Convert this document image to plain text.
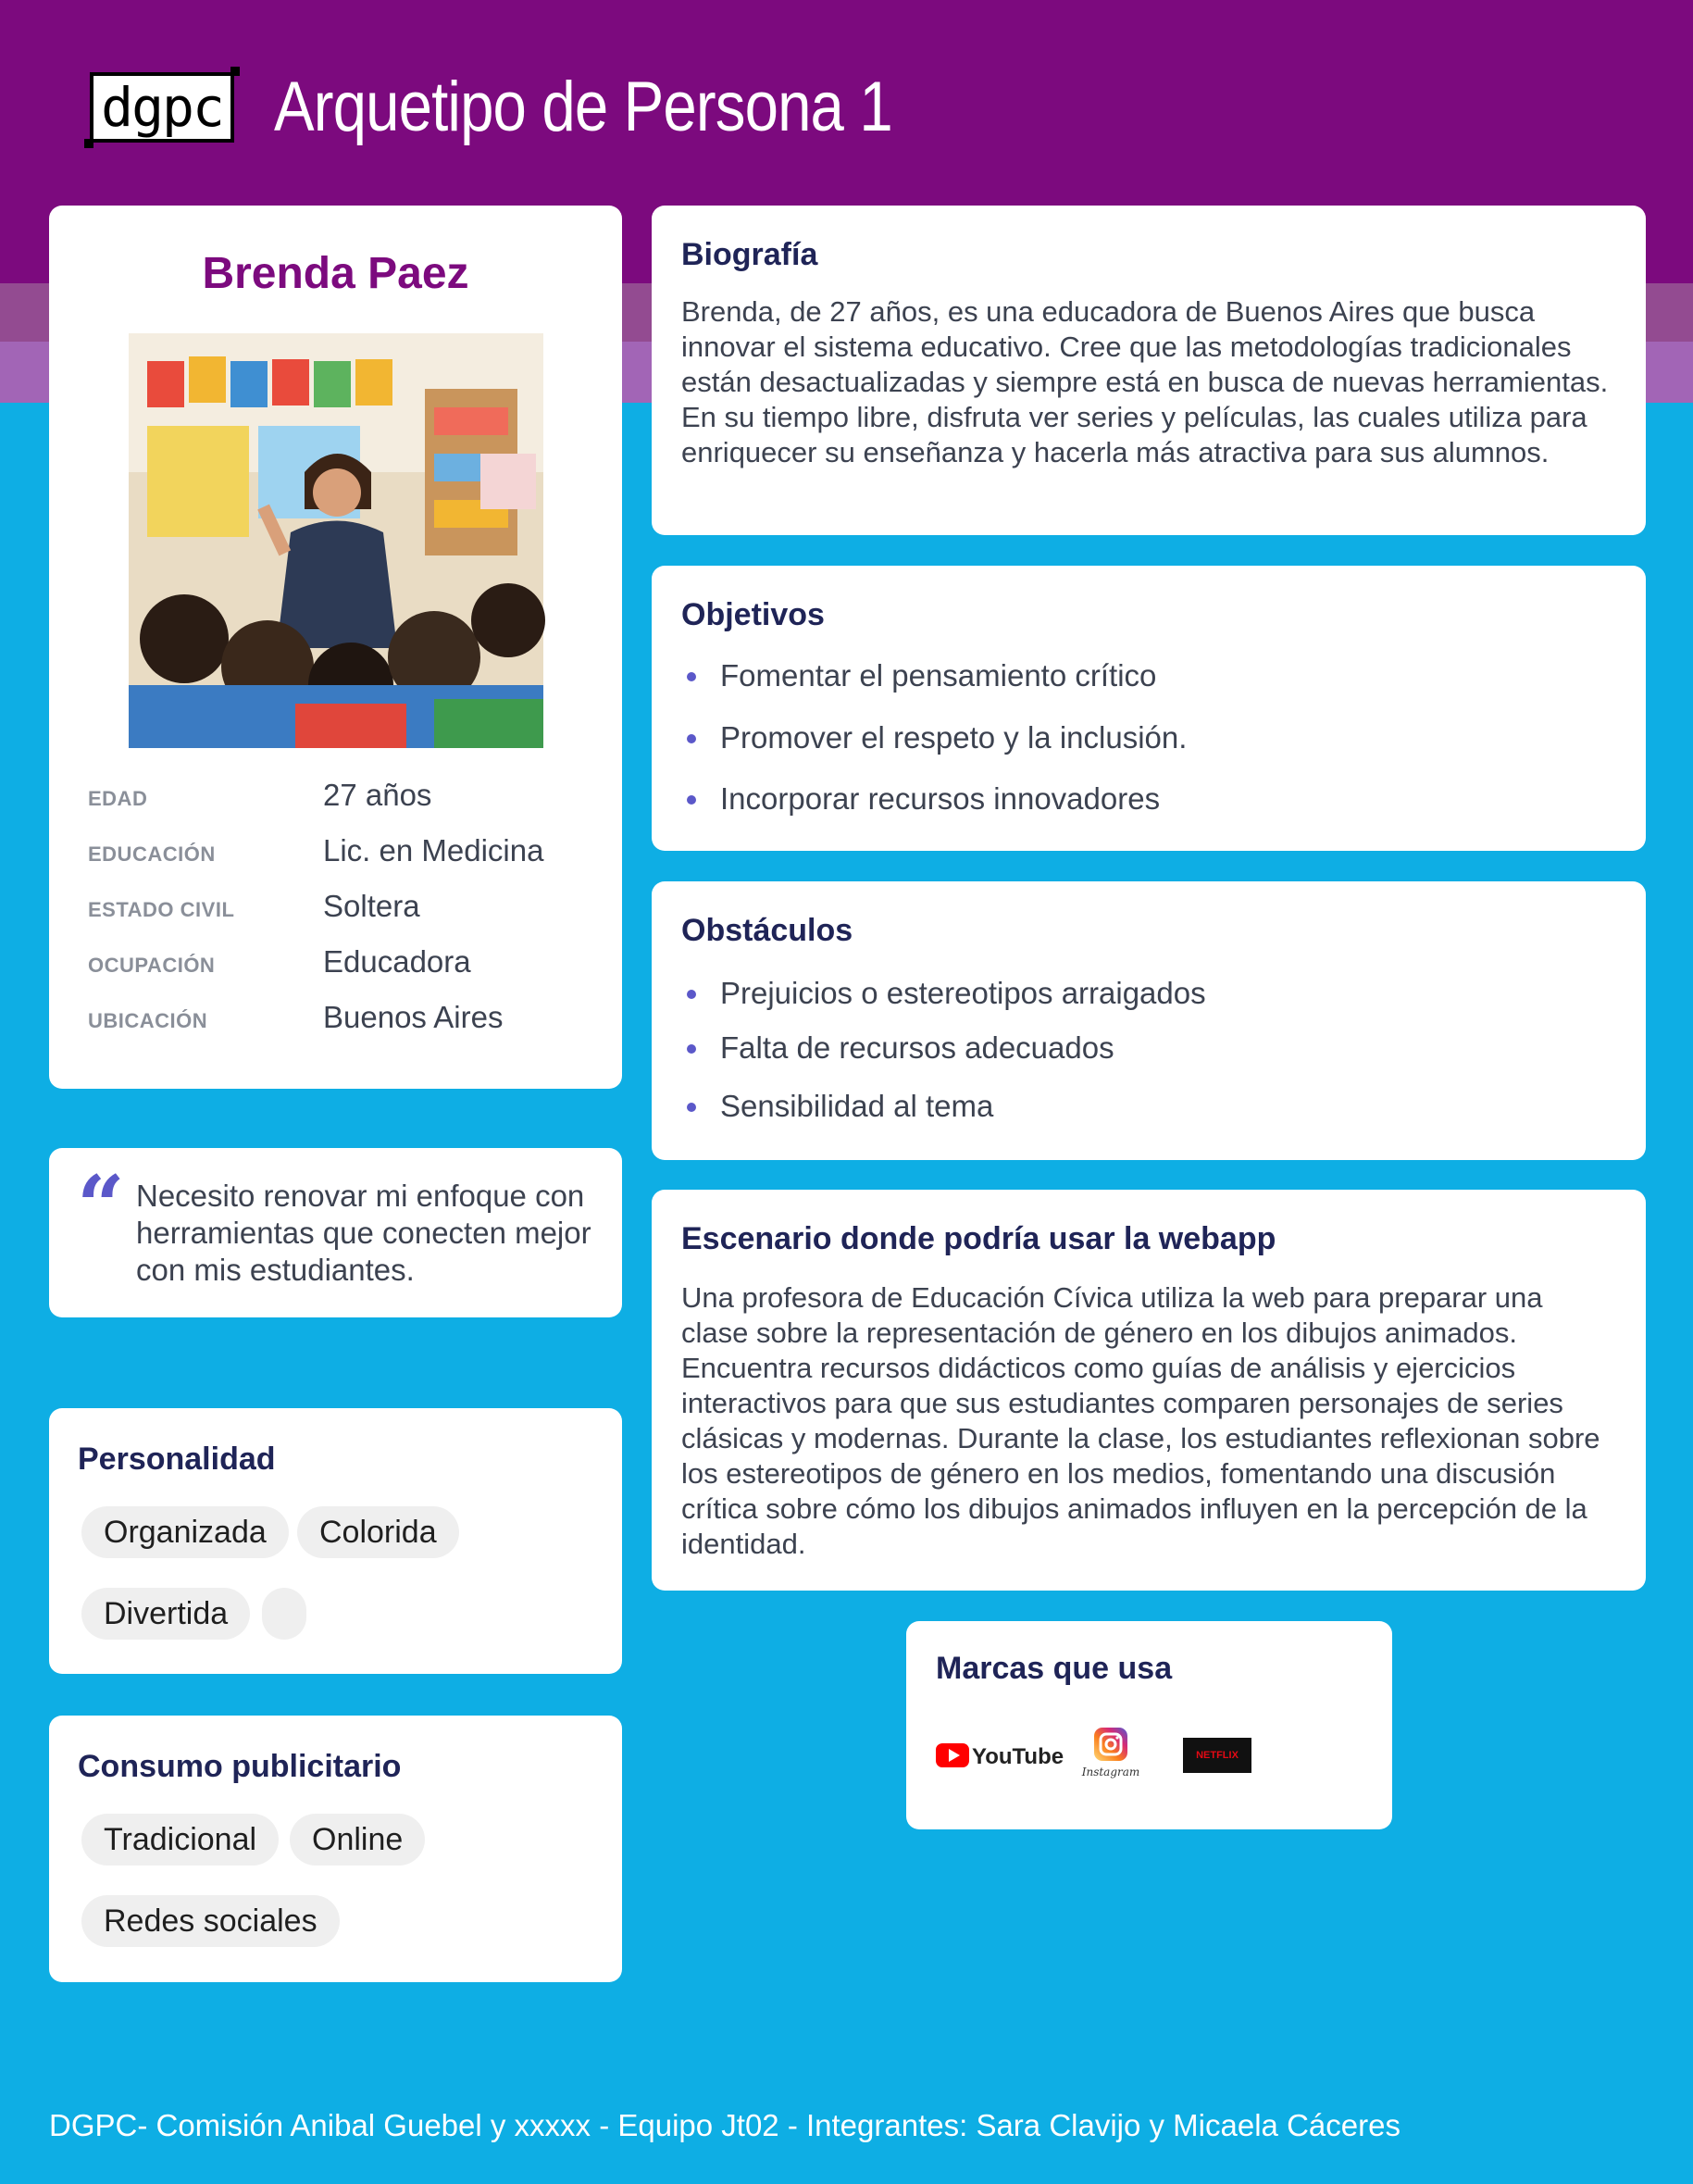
dgpc Arquetipo de Persona 1
Brenda Paez
EDAD	27 años
EDUCACIÓN	Lic. en Medicina
ESTADO CIVIL	Soltera
OCUPACIÓN	Educadora
UBICACIÓN	Buenos Aires
“ Necesito renovar mi enfoque con herramientas que conecten mejor con mis estudiantes.
Personalidad
Organizada	Colorida
Divertida
Consumo publicitario
Tradicional	Online
Redes sociales
Biografía
Brenda, de 27 años, es una educadora de Buenos Aires que busca innovar el sistema educativo. Cree que las metodologías tradicionales están desactualizadas y siempre está en busca de nuevas herramientas. En su tiempo libre, disfruta ver series y películas, las cuales utiliza para enriquecer su enseñanza y hacerla más atractiva para sus alumnos.
Objetivos
Fomentar el pensamiento crítico
Promover el respeto y la inclusión.
Incorporar recursos innovadores
Obstáculos
Prejuicios o estereotipos arraigados
Falta de recursos adecuados
Sensibilidad al tema
Escenario donde podría usar la webapp
Una profesora de Educación Cívica utiliza la web para preparar una clase sobre la representación de género en los dibujos animados. Encuentra recursos didácticos como guías de análisis y ejercicios interactivos para que sus estudiantes comparen personajes de series clásicas y modernas. Durante la clase, los estudiantes reflexionan sobre los estereotipos de género en los medios, fomentando una discusión crítica sobre cómo los dibujos animados influyen en la percepción de la identidad.
Marcas que usa
YouTube
Instagram
NETFLIX
DGPC- Comisión Anibal Guebel y xxxxx - Equipo Jt02 - Integrantes: Sara Clavijo y Micaela Cáceres
